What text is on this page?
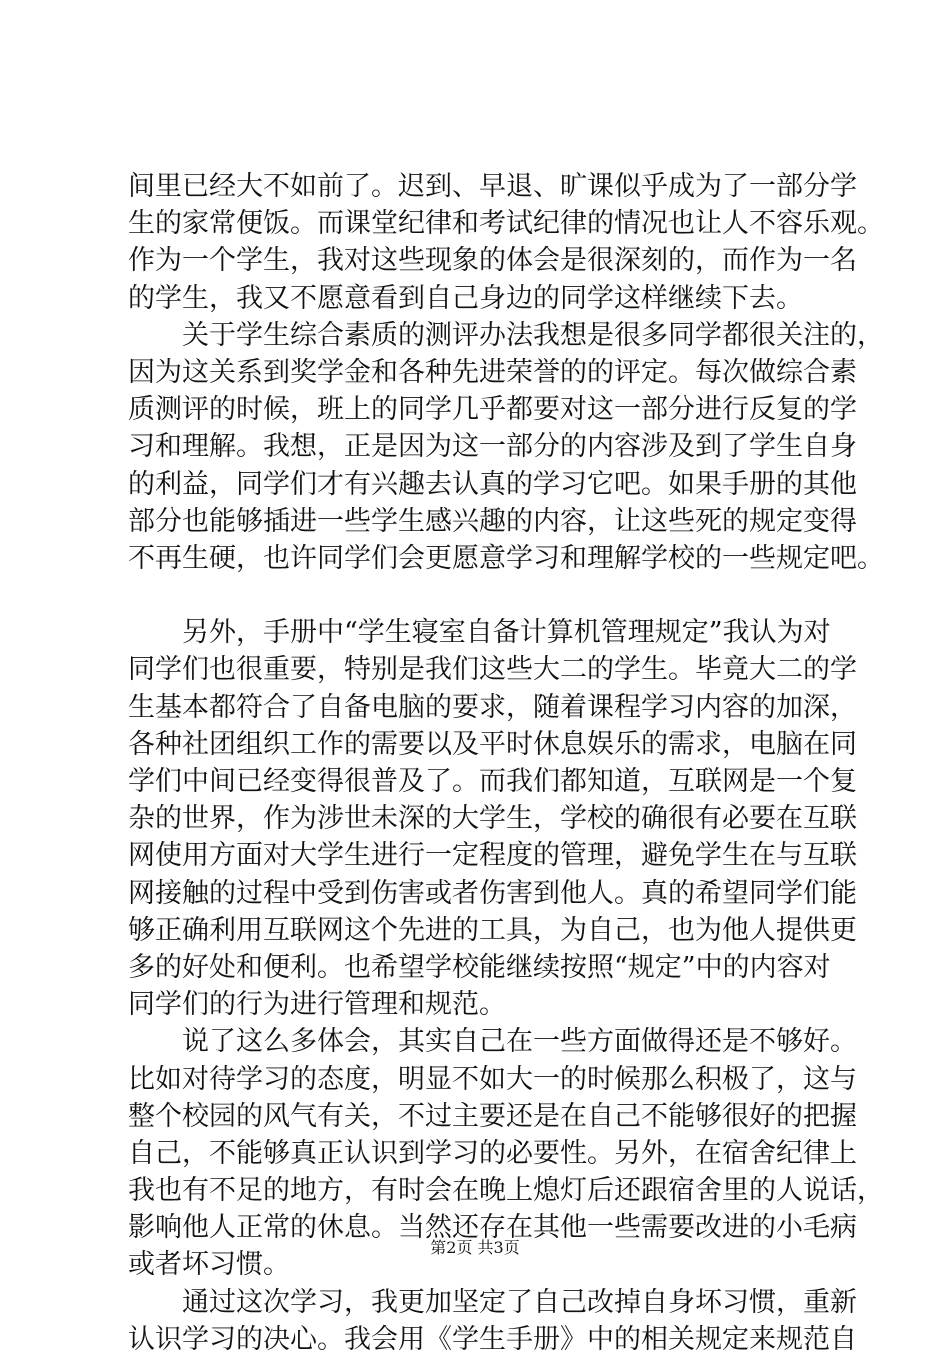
间里已经大不如前了。迟到、早退、旷课似乎成为了一部分学
生的家常便饭。而课堂纪律和考试纪律的情况也让人不容乐观。
作为一个学生，我对这些现象的体会是很深刻的，而作为一名
的学生，我又不愿意看到自己身边的同学这样继续下去。
　　关于学生综合素质的测评办法我想是很多同学都很关注的，
因为这关系到奖学金和各种先进荣誉的的评定。每次做综合素
质测评的时候，班上的同学几乎都要对这一部分进行反复的学
习和理解。我想，正是因为这一部分的内容涉及到了学生自身
的利益，同学们才有兴趣去认真的学习它吧。如果手册的其他
部分也能够插进一些学生感兴趣的内容，让这些死的规定变得
不再生硬，也许同学们会更愿意学习和理解学校的一些规定吧。
　　另外，手册中“学生寝室自备计算机管理规定”我认为对
同学们也很重要，特别是我们这些大二的学生。毕竟大二的学
生基本都符合了自备电脑的要求，随着课程学习内容的加深，
各种社团组织工作的需要以及平时休息娱乐的需求，电脑在同
学们中间已经变得很普及了。而我们都知道，互联网是一个复
杂的世界，作为涉世未深的大学生，学校的确很有必要在互联
网使用方面对大学生进行一定程度的管理，避免学生在与互联
网接触的过程中受到伤害或者伤害到他人。真的希望同学们能
够正确利用互联网这个先进的工具，为自己，也为他人提供更
多的好处和便利。也希望学校能继续按照“规定”中的内容对
同学们的行为进行管理和规范。
　　说了这么多体会，其实自己在一些方面做得还是不够好。
比如对待学习的态度，明显不如大一的时候那么积极了，这与
整个校园的风气有关，不过主要还是在自己不能够很好的把握
自己，不能够真正认识到学习的必要性。另外，在宿舍纪律上
我也有不足的地方，有时会在晚上熄灯后还跟宿舍里的人说话，
影响他人正常的休息。当然还存在其他一些需要改进的小毛病
或者坏习惯。
　　通过这次学习，我更加坚定了自己改掉自身坏习惯，重新
认识学习的决心。我会用《学生手册》中的相关规定来规范自
第2页 共3页
